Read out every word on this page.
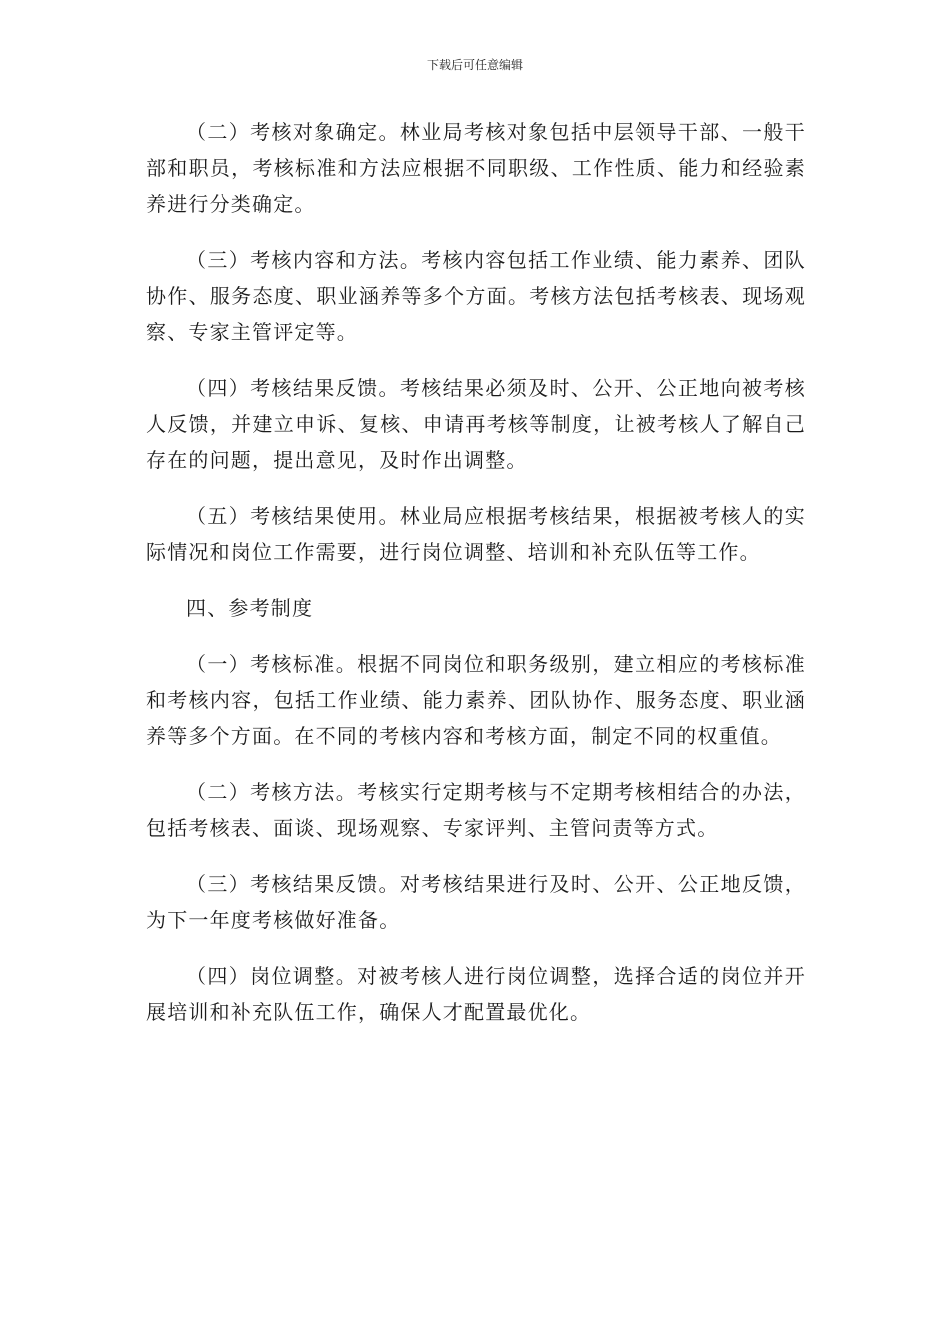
下载后可任意编辑

（二）考核对象确定。林业局考核对象包括中层领导干部、一般干部和职员，考核标准和方法应根据不同职级、工作性质、能力和经验素养进行分类确定。

（三）考核内容和方法。考核内容包括工作业绩、能力素养、团队协作、服务态度、职业涵养等多个方面。考核方法包括考核表、现场观察、专家主管评定等。

（四）考核结果反馈。考核结果必须及时、公开、公正地向被考核人反馈，并建立申诉、复核、申请再考核等制度，让被考核人了解自己存在的问题，提出意见，及时作出调整。

（五）考核结果使用。林业局应根据考核结果，根据被考核人的实际情况和岗位工作需要，进行岗位调整、培训和补充队伍等工作。

四、参考制度

（一）考核标准。根据不同岗位和职务级别，建立相应的考核标准和考核内容，包括工作业绩、能力素养、团队协作、服务态度、职业涵养等多个方面。在不同的考核内容和考核方面，制定不同的权重值。

（二）考核方法。考核实行定期考核与不定期考核相结合的办法，包括考核表、面谈、现场观察、专家评判、主管问责等方式。

（三）考核结果反馈。对考核结果进行及时、公开、公正地反馈，为下一年度考核做好准备。

（四）岗位调整。对被考核人进行岗位调整，选择合适的岗位并开展培训和补充队伍工作，确保人才配置最优化。
